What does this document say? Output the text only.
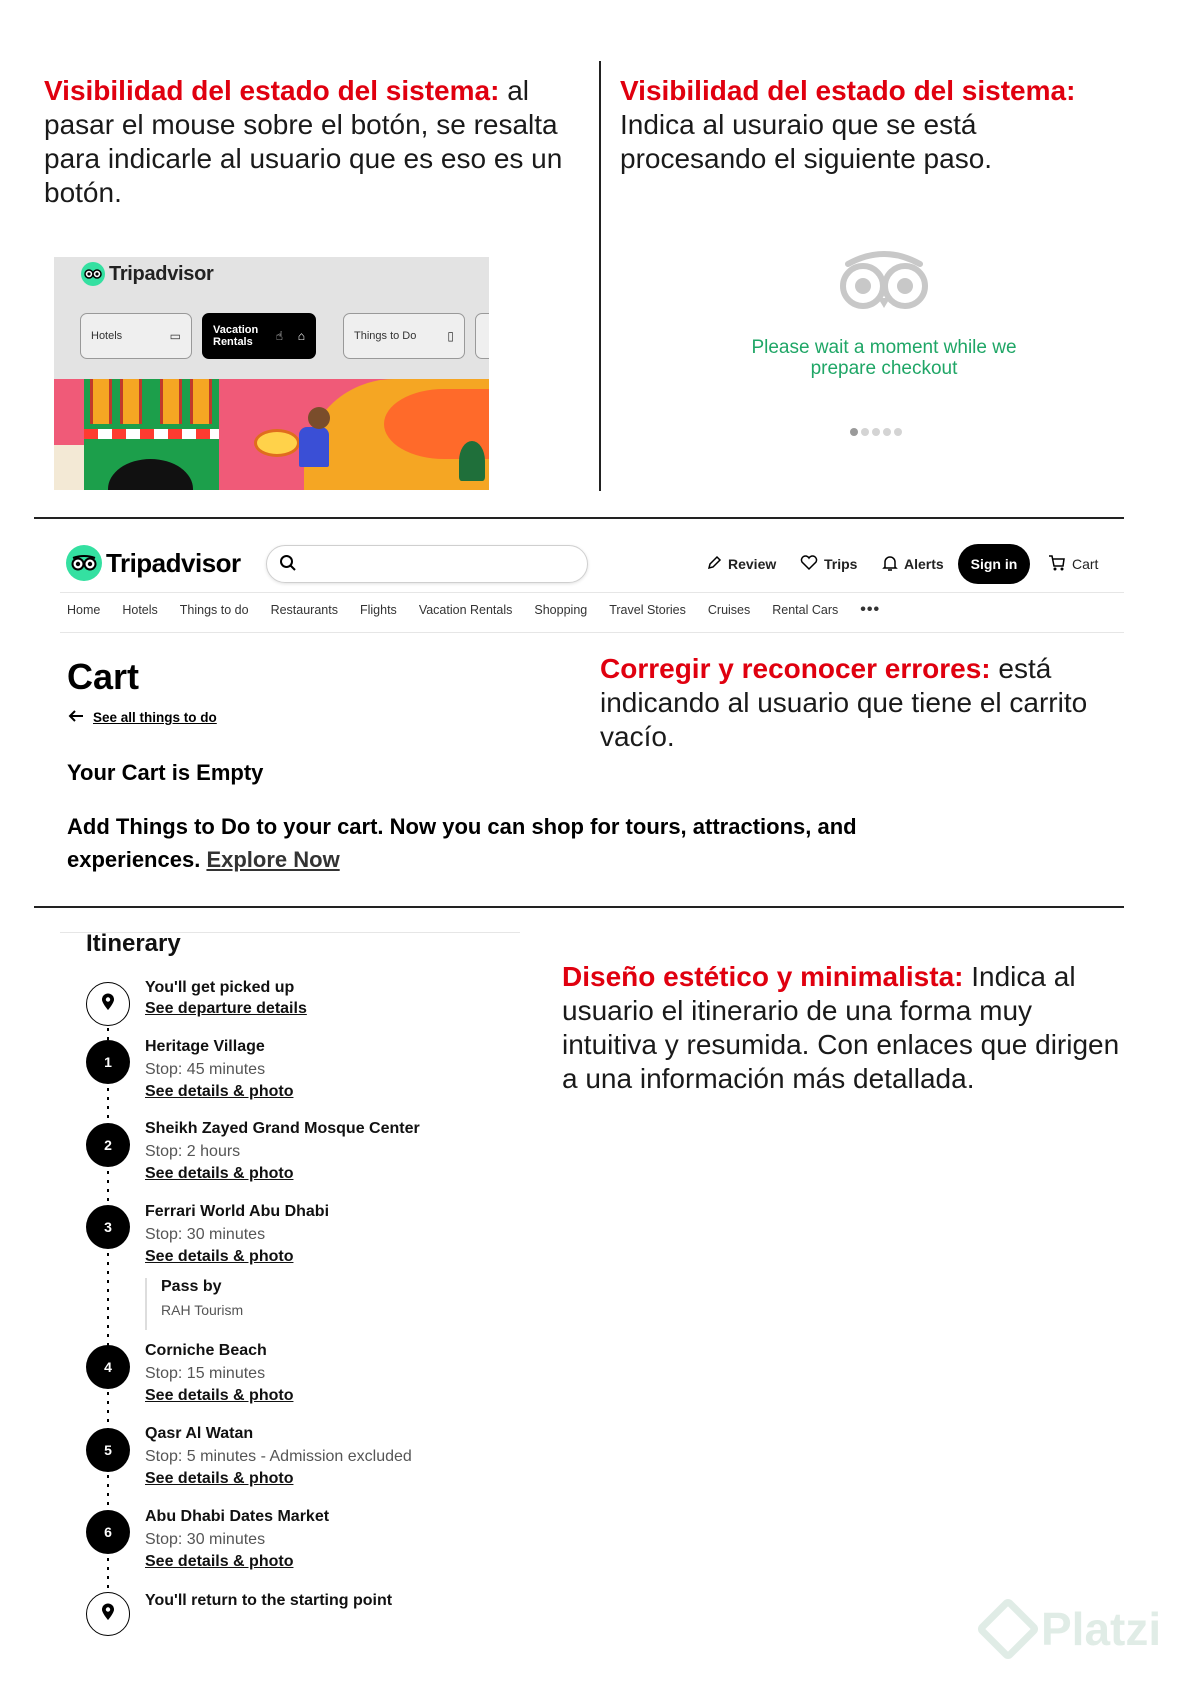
Visibilidad del estado del sistema: al pasar el mouse sobre el botón, se resalta para indicarle al usuario que es eso es un botón.
Tripadvisor
Hotels	▭	Vacation Rentals	☝ ⌂	Things to Do	▯
Visibilidad del estado del sistema: Indica al usuraio que se está procesando el siguiente paso.
Please wait a moment while we prepare checkout
Tripadvisor	Review	Trips	Alerts	Sign in	Cart
Home Hotels Things to do Restaurants Flights Vacation Rentals Shopping Travel Stories Cruises Rental Cars •••
Cart
See all things to do
Your Cart is Empty
Add Things to Do to your cart. Now you can shop for tours, attractions, and experiences. Explore Now
Corregir y reconocer errores: está indicando al usuario que tiene el carrito vacío.
Itinerary
You'll get picked up
See departure details
1
Heritage Village
Stop: 45 minutes
See details & photo
2
Sheikh Zayed Grand Mosque Center
Stop: 2 hours
See details & photo
3
Ferrari World Abu Dhabi
Stop: 30 minutes
See details & photo
Pass by
RAH Tourism
4
Corniche Beach
Stop: 15 minutes
See details & photo
5
Qasr Al Watan
Stop: 5 minutes - Admission excluded
See details & photo
6
Abu Dhabi Dates Market
Stop: 30 minutes
See details & photo
You'll return to the starting point
Diseño estético y minimalista: Indica al usuario el itinerario de una forma muy intuitiva y resumida. Con enlaces que dirigen a una información más detallada.
Platzi
